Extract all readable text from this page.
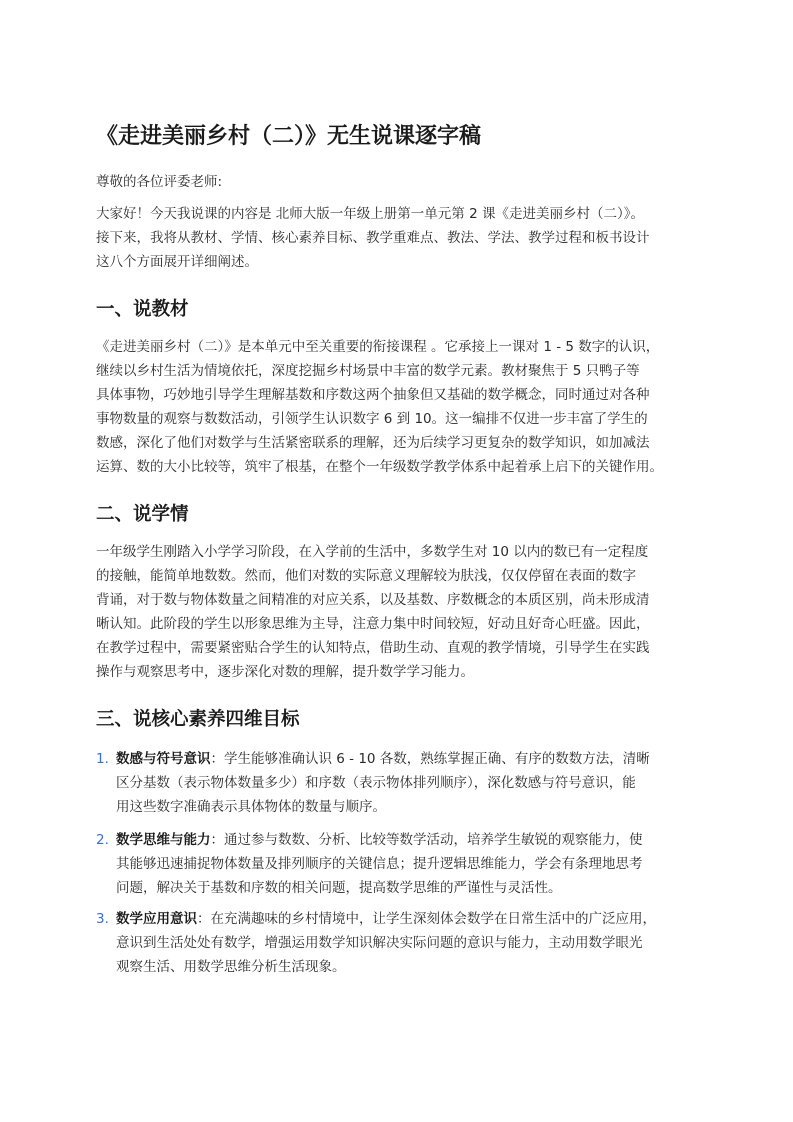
《走进美丽乡村（二）》无生说课逐字稿
尊敬的各位评委老师:
大家好！今天我说课的内容是 北师大版一年级上册第一单元第 2 课《走进美丽乡村（二）》。
接下来，我将从教材、学情、核心素养目标、教学重难点、教法、学法、教学过程和板书设计
这八个方面展开详细阐述。
一、说教材
《走进美丽乡村（二）》是本单元中至关重要的衔接课程 。它承接上一课对 1 - 5 数字的认识，
继续以乡村生活为情境依托，深度挖掘乡村场景中丰富的数学元素。教材聚焦于 5 只鸭子等
具体事物，巧妙地引导学生理解基数和序数这两个抽象但又基础的数学概念，同时通过对各种
事物数量的观察与数数活动，引领学生认识数字 6 到 10。这一编排不仅进一步丰富了学生的
数感，深化了他们对数学与生活紧密联系的理解，还为后续学习更复杂的数学知识，如加减法
运算、数的大小比较等，筑牢了根基，在整个一年级数学教学体系中起着承上启下的关键作用。
二、说学情
一年级学生刚踏入小学学习阶段，在入学前的生活中，多数学生对 10 以内的数已有一定程度
的接触，能简单地数数。然而，他们对数的实际意义理解较为肤浅，仅仅停留在表面的数字
背诵，对于数与物体数量之间精准的对应关系，以及基数、序数概念的本质区别，尚未形成清
晰认知。此阶段的学生以形象思维为主导，注意力集中时间较短，好动且好奇心旺盛。因此，
在教学过程中，需要紧密贴合学生的认知特点，借助生动、直观的教学情境，引导学生在实践
操作与观察思考中，逐步深化对数的理解，提升数学学习能力。
三、说核心素养四维目标
1. 数感与符号意识：学生能够准确认识 6 - 10 各数，熟练掌握正确、有序的数数方法，清晰
区分基数（表示物体数量多少）和序数（表示物体排列顺序），深化数感与符号意识，能
用这些数字准确表示具体物体的数量与顺序。
2. 数学思维与能力：通过参与数数、分析、比较等数学活动，培养学生敏锐的观察能力，使
其能够迅速捕捉物体数量及排列顺序的关键信息；提升逻辑思维能力，学会有条理地思考
问题，解决关于基数和序数的相关问题，提高数学思维的严谨性与灵活性。
3. 数学应用意识：在充满趣味的乡村情境中，让学生深刻体会数学在日常生活中的广泛应用，
意识到生活处处有数学，增强运用数学知识解决实际问题的意识与能力，主动用数学眼光
观察生活、用数学思维分析生活现象。
